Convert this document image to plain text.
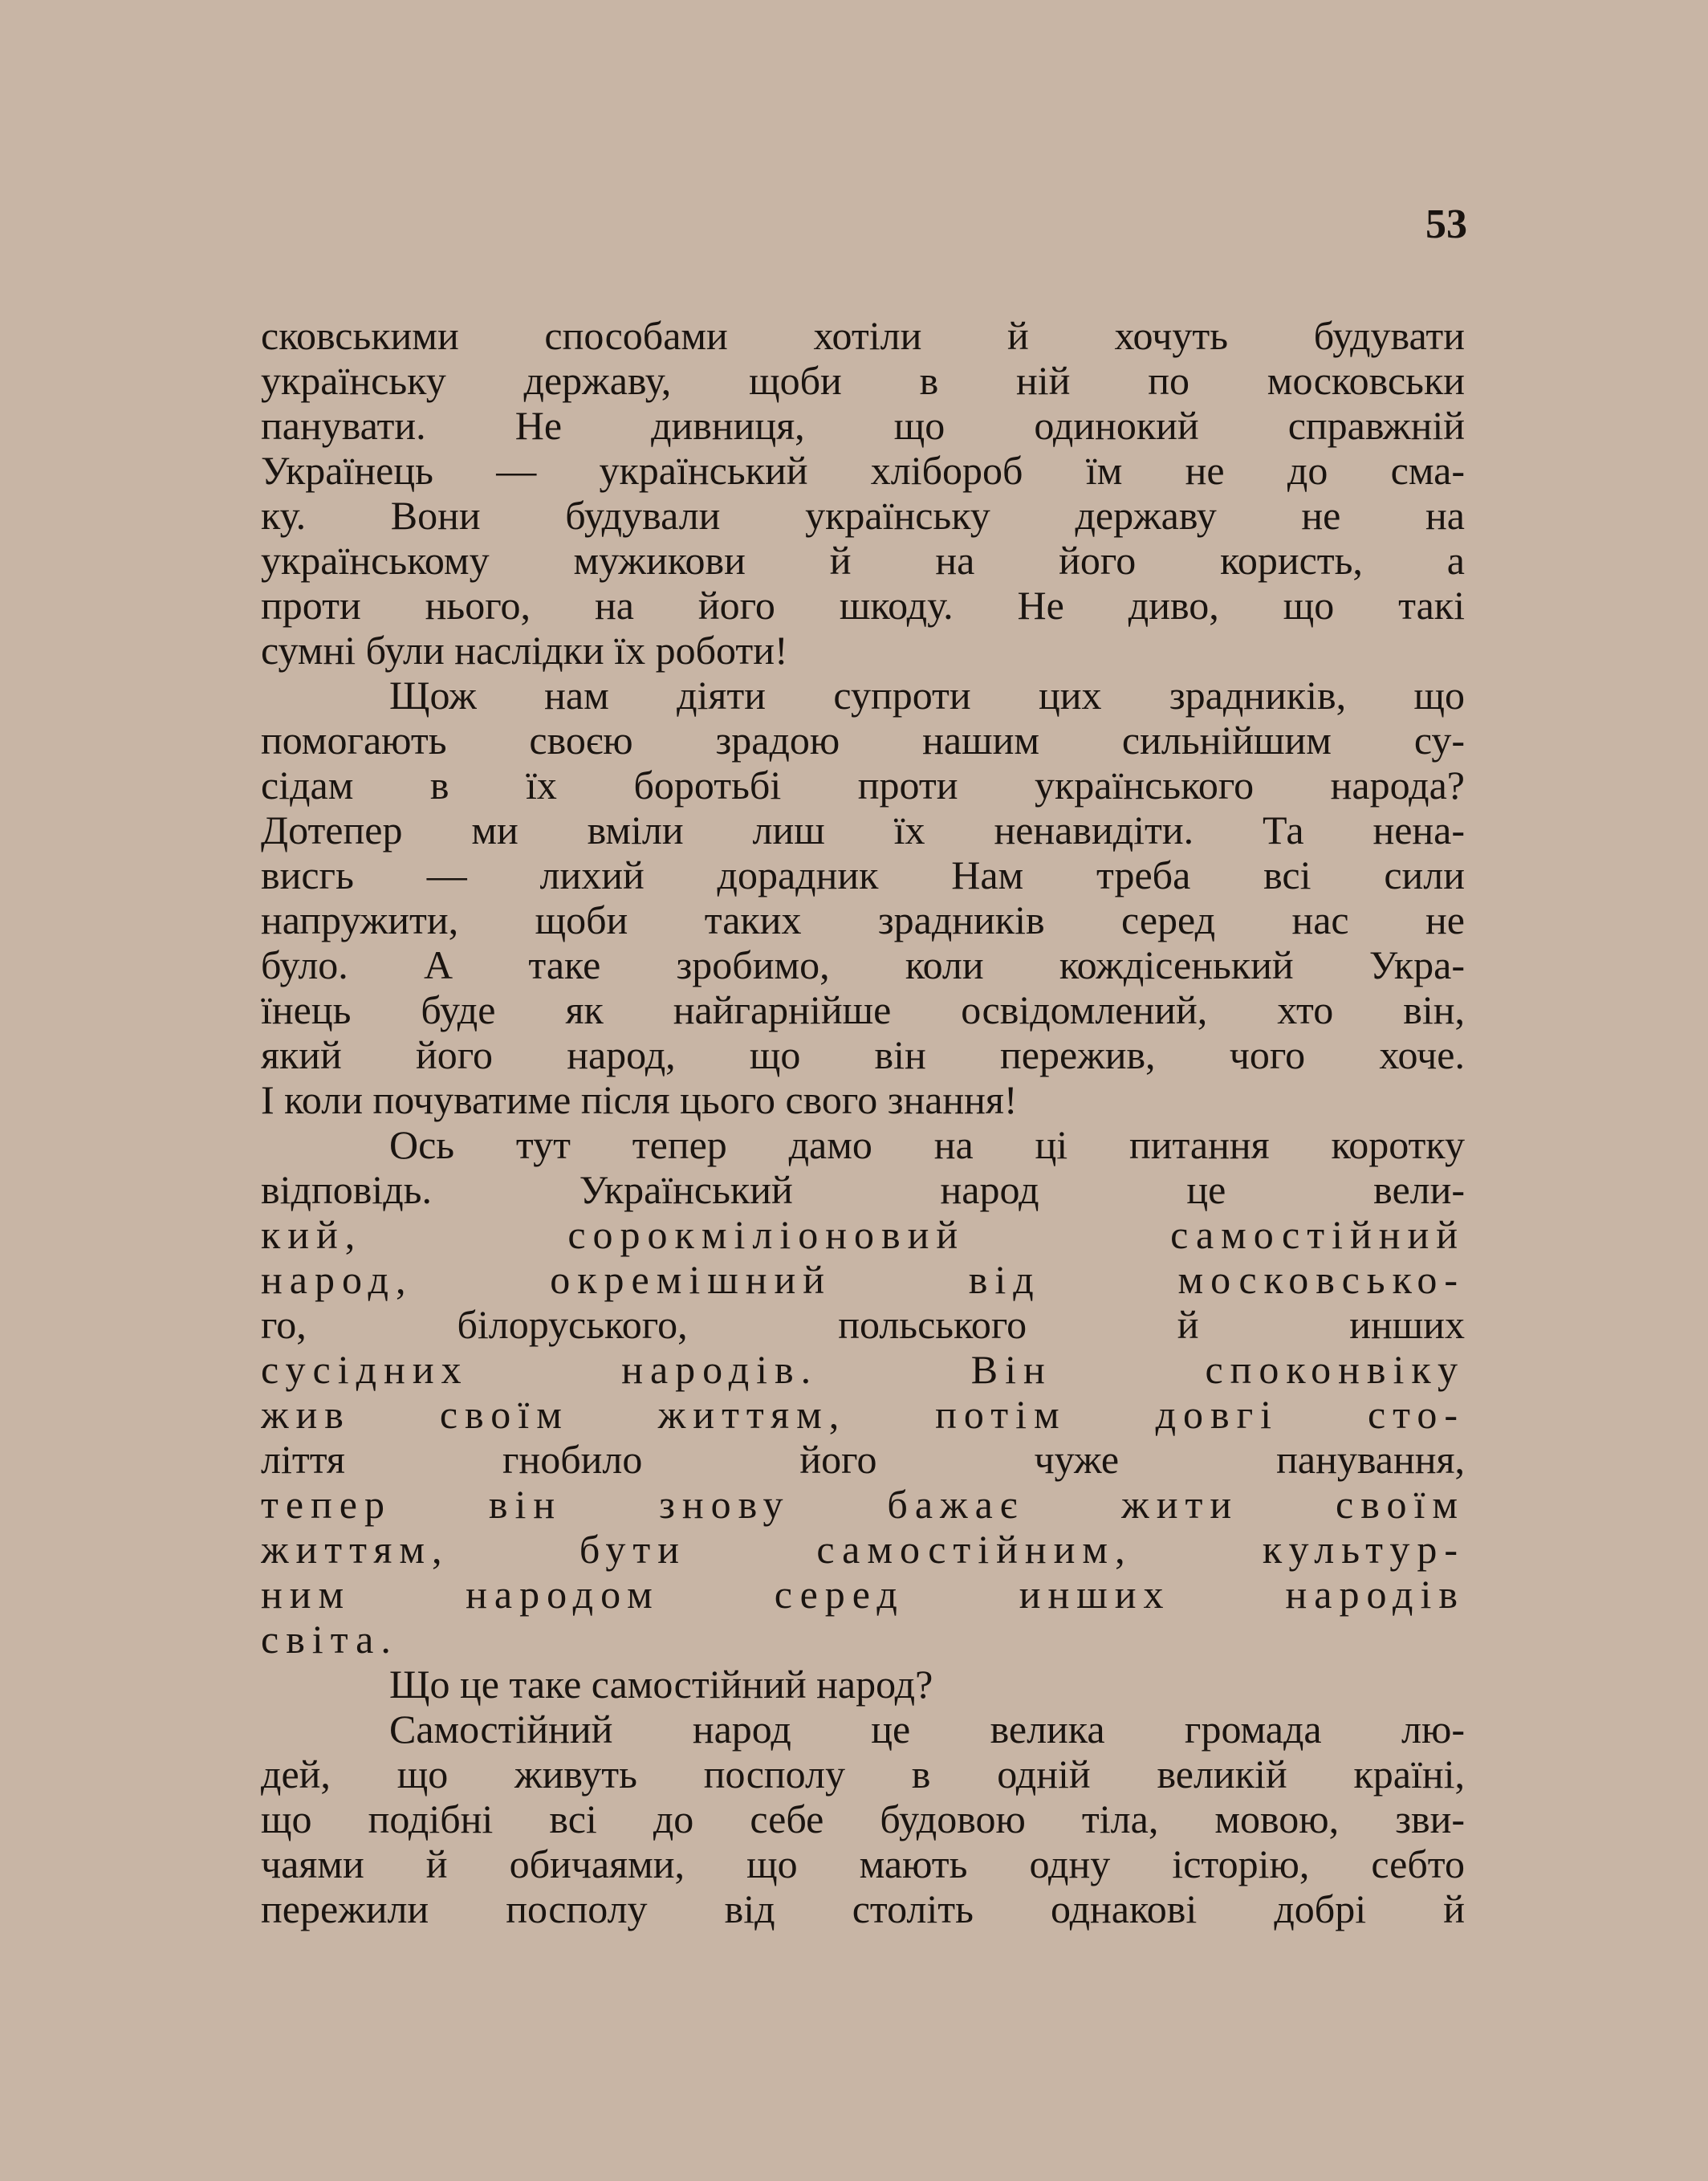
53
сковськими способами хотіли й хочуть будувати
українську державу, щоби в ній по московськи
панувати. Не дивниця, що одинокий справжній
Українець — український хлібороб їм не до сма-
ку. Вони будували українську державу не на
українському мужикови й на його користь, а
проти нього, на його шкоду. Не диво, що такі
сумні були наслідки їх роботи!
Щож нам діяти супроти цих зрадників, що
помогають своєю зрадою нашим сильнійшим су-
сідам в їх боротьбі проти українського народа?
Дотепер ми вміли лиш їх ненавидіти. Та нена-
висгь — лихий дорадник Нам треба всі сили
напружити, щоби таких зрадників серед нас не
було. А таке зробимо, коли кождісенький Укра-
їнець буде як найгарнійше освідомлений, хто він,
який його народ, що він пережив, чого хоче.
І коли почуватиме після цього свого знання!
Ось тут тепер дамо на ці питання коротку
відповідь. Український народ це вели-
кий, сорокміліоновий самостійний
народ, окремішний від московсько-
го, білоруського, польського й инших
сусідних народів. Він споконвіку
жив своїм життям, потім довгі сто-
ліття гнобило його чуже панування,
тепер він знову бажає жити своїм
життям, бути самостійним, культур-
ним народом серед инших народів
світа.
Що це таке самостійний народ?
Самостійний народ це велика громада лю-
дей, що живуть посполу в одній великій країні,
що подібні всі до себе будовою тіла, мовою, зви-
чаями й обичаями, що мають одну історію, себто
пережили посполу від століть однакові добрі й
